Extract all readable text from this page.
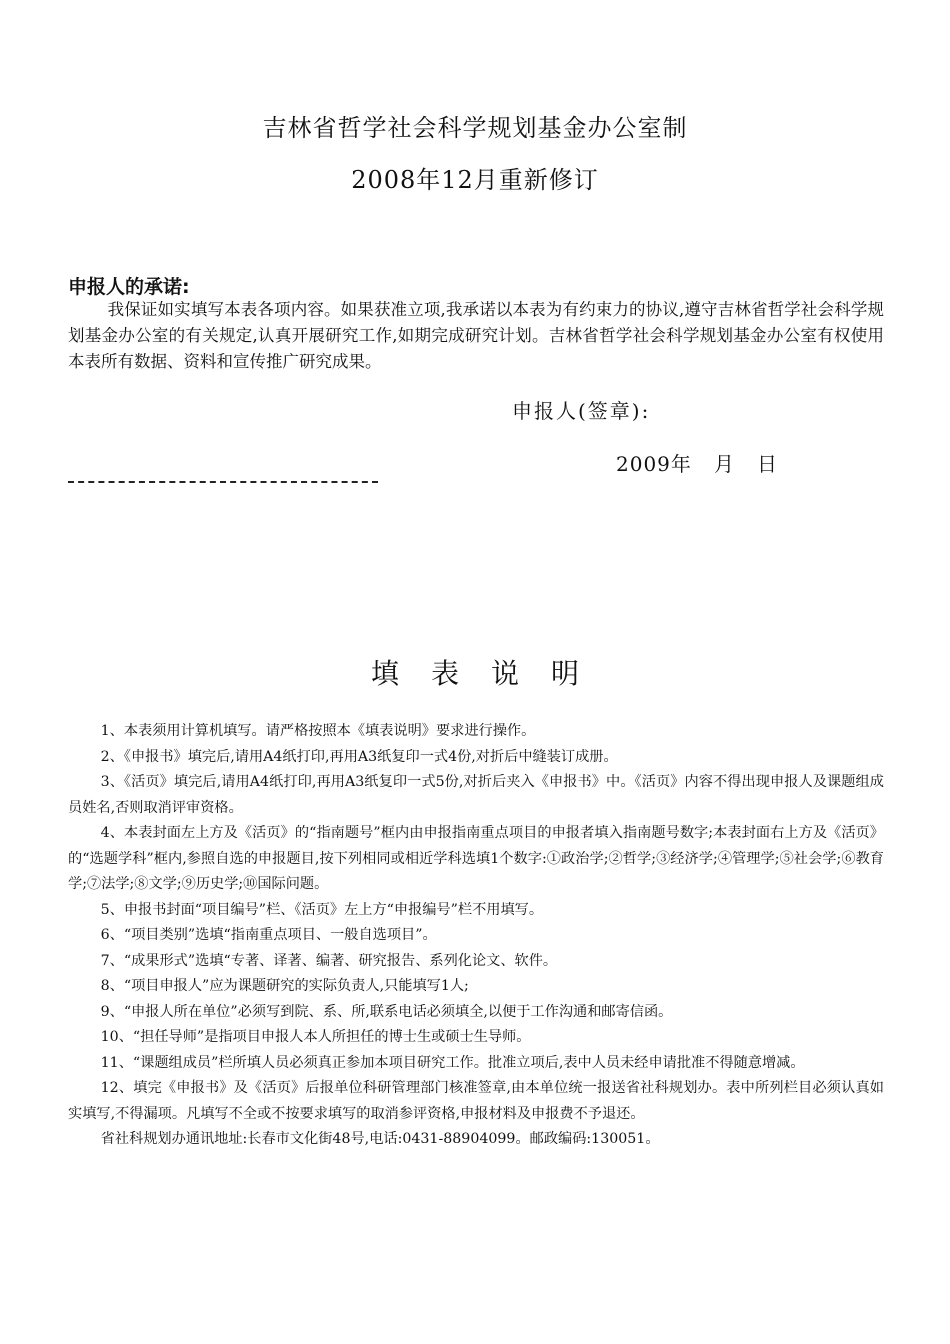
吉林省哲学社会科学规划基金办公室制
2008年12月重新修订
申报人的承诺:
我保证如实填写本表各项内容。如果获准立项,我承诺以本表为有约束力的协议,遵守吉林省哲学社会科学规划基金办公室的有关规定,认真开展研究工作,如期完成研究计划。吉林省哲学社会科学规划基金办公室有权使用本表所有数据、资料和宣传推广研究成果。
申报人(签章):
2009年   月   日
填表说明

1、本表须用计算机填写。请严格按照本《填表说明》要求进行操作。

2、《申报书》填完后,请用A4纸打印,再用A3纸复印一式4份,对折后中缝装订成册。

3、《活页》填完后,请用A4纸打印,再用A3纸复印一式5份,对折后夹入《申报书》中。《活页》内容不得出现申报人及课题组成员姓名,否则取消评审资格。

4、本表封面左上方及《活页》的“指南题号”框内由申报指南重点项目的申报者填入指南题号数字;本表封面右上方及《活页》的“选题学科”框内,参照自选的申报题目,按下列相同或相近学科选填1个数字:①政治学;②哲学;③经济学;④管理学;⑤社会学;⑥教育学;⑦法学;⑧文学;⑨历史学;⑩国际问题。

5、申报书封面“项目编号”栏、《活页》左上方“申报编号”栏不用填写。

6、“项目类别”选填“指南重点项目、一般自选项目”。

7、“成果形式”选填“专著、译著、编著、研究报告、系列化论文、软件。

8、“项目申报人”应为课题研究的实际负责人,只能填写1人;

9、“申报人所在单位”必须写到院、系、所,联系电话必须填全,以便于工作沟通和邮寄信函。

10、“担任导师”是指项目申报人本人所担任的博士生或硕士生导师。

11、“课题组成员”栏所填人员必须真正参加本项目研究工作。批准立项后,表中人员未经申请批准不得随意增减。

12、填完《申报书》及《活页》后报单位科研管理部门核准签章,由本单位统一报送省社科规划办。表中所列栏目必须认真如实填写,不得漏项。凡填写不全或不按要求填写的取消参评资格,申报材料及申报费不予退还。

省社科规划办通讯地址:长春市文化街48号,电话:0431-88904099。邮政编码:130051。
